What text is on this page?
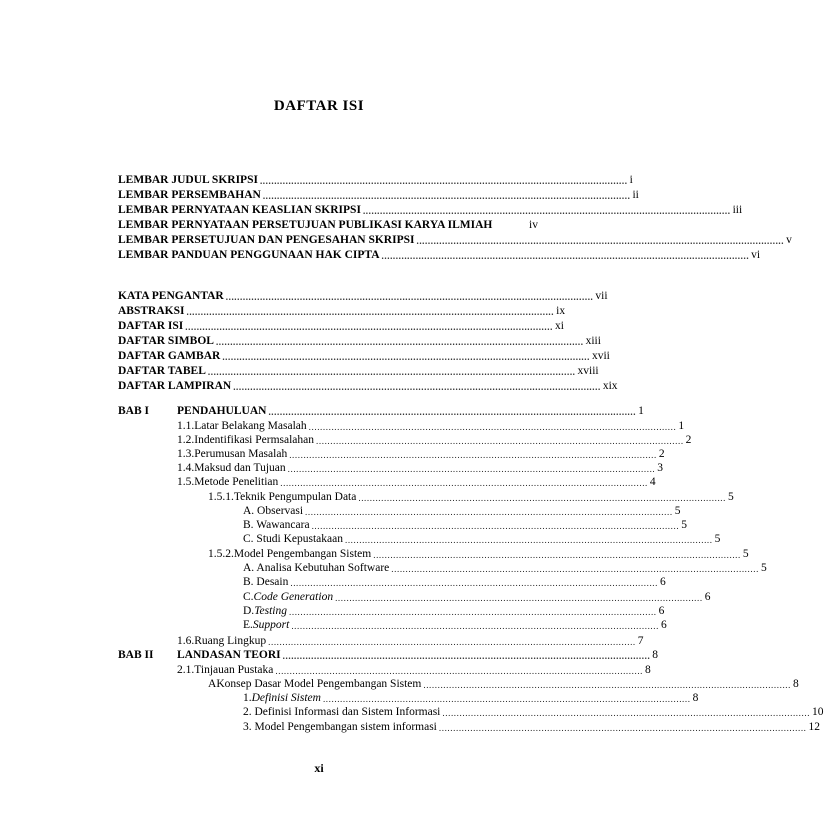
DAFTAR ISI
LEMBAR JUDUL SKRIPSI ................................................................................................................................. i
LEMBAR PERSEMBAHAN ................................................................................................................................. ii
LEMBAR PERNYATAAN KEASLIAN SKRIPSI ................................................................................................................................. iii
LEMBAR PERNYATAAN PERSETUJUAN PUBLIKASI KARYA ILMIAH	iv
LEMBAR PERSETUJUAN DAN PENGESAHAN SKRIPSI ................................................................................................................................. v
LEMBAR PANDUAN PENGGUNAAN HAK CIPTA ................................................................................................................................. vi
KATA PENGANTAR ................................................................................................................................. vii
ABSTRAKSI ................................................................................................................................. ix
DAFTAR ISI ................................................................................................................................. xi
DAFTAR SIMBOL ................................................................................................................................. xiii
DAFTAR GAMBAR ................................................................................................................................. xvii
DAFTAR TABEL ................................................................................................................................. xviii
DAFTAR LAMPIRAN ................................................................................................................................. xix
BAB I PENDAHULUAN ................................................................................................................................. 1
1.1. Latar Belakang Masalah ................................................................................................................................. 1
1.2. Indentifikasi Permsalahan ................................................................................................................................. 2
1.3. Perumusan Masalah ................................................................................................................................. 2
1.4. Maksud dan Tujuan ................................................................................................................................. 3
1.5. Metode Penelitian ................................................................................................................................. 4
1.5.1. Teknik Pengumpulan Data ................................................................................................................................. 5
A. Observasi ................................................................................................................................. 5
B. Wawancara ................................................................................................................................. 5
C. Studi Kepustakaan ................................................................................................................................. 5
1.5.2. Model Pengembangan Sistem ................................................................................................................................. 5
A. Analisa Kebutuhan Software ................................................................................................................................. 5
B. Desain ................................................................................................................................. 6
C. Code Generation ................................................................................................................................. 6
D. Testing ................................................................................................................................. 6
E. Support ................................................................................................................................. 6
1.6. Ruang Lingkup ................................................................................................................................. 7
BAB II LANDASAN TEORI ................................................................................................................................. 8
2.1. Tinjauan Pustaka ................................................................................................................................. 8
A Konsep Dasar Model Pengembangan Sistem ................................................................................................................................. 8
1. Definisi Sistem ................................................................................................................................. 8
2. Definisi Informasi dan Sistem Informasi ................................................................................................................................. 10
3. Model Pengembangan sistem informasi ................................................................................................................................. 12
xi
